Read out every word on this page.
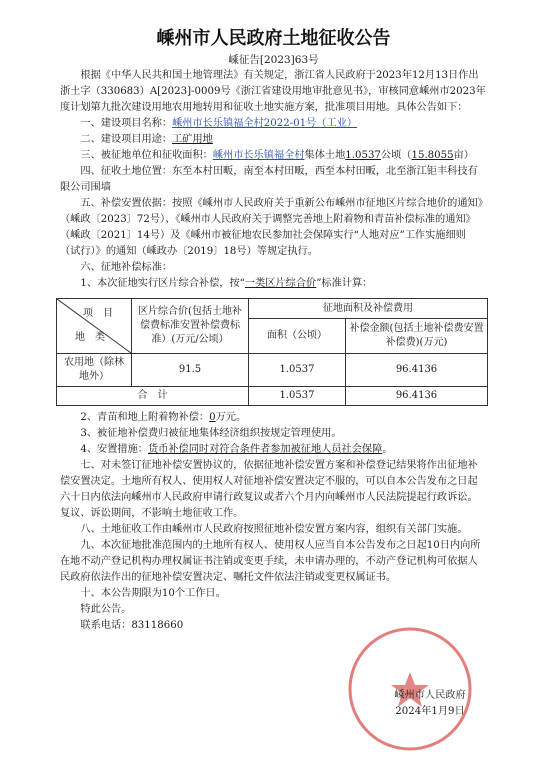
嵊州市人民政府土地征收公告
嵊征告[2023]63号

根据《中华人民共和国土地管理法》有关规定，浙江省人民政府于2023年12月13日作出浙土字（330683）A[2023]-0009号《浙江省建设用地审批意见书》，审核同意嵊州市2023年度计划第九批次建设用地农用地转用和征收土地实施方案，批准项目用地。具体公告如下：

一、建设项目名称：嵊州市长乐镇福全村2022-01号（工业）

二、建设项目用途：工矿用地

三、被征地单位和征收面积：嵊州市长乐镇福全村集体土地1.0537公顷（15.8055亩）

四、征收土地位置：东至本村田畈，南至本村田畈，西至本村田畈，北至浙江钜丰科技有限公司围墙

五、补偿安置依据：按照《嵊州市人民政府关于重新公布嵊州市征地区片综合地价的通知》（嵊政〔2023〕72号）、《嵊州市人民政府关于调整完善地上附着物和青苗补偿标准的通知》（嵊政〔2021〕14号）及《嵊州市被征地农民参加社会保障实行“人地对应”工作实施细则（试行）》的通知（嵊政办〔2019〕18号）等规定执行。

六、征地补偿标准：

1、本次征地实行区片综合补偿，按“一类区片综合价”标准计算：

项　目
地　类	区片综合价(包括土地补偿费标准安置补偿费标准）(万元/公顷）	征地面积及补偿费用	
		面积（公顷）	补偿金额(包括土地补偿费安置补偿费)(万元)
农用地（除林地外）	91.5	1.0537	96.4136
合　计		1.0537	96.4136

2、青苗和地上附着物补偿：0万元。

3、被征地补偿费归被征地集体经济组织按规定管理使用。

4、安置措施：货币补偿同时对符合条件者参加被征地人员社会保障。

七、对未签订征地补偿安置协议的，依据征地补偿安置方案和补偿登记结果将作出征地补偿安置决定。土地所有权人、使用权人对征地补偿安置决定不服的，可以自本公告发布之日起六十日内依法向嵊州市人民政府申请行政复议或者六个月内向嵊州市人民法院提起行政诉讼。复议、诉讼期间，不影响土地征收工作。

八、土地征收工作由嵊州市人民政府按照征地补偿安置方案内容，组织有关部门实施。

九、本次征地批准范围内的土地所有权人、使用权人应当自本公告发布之日起10日内向所在地不动产登记机构办理权属证书注销或变更手续，未申请办理的，不动产登记机构可依据人民政府依法作出的征地补偿安置决定、嘱托文件依法注销或变更权属证书。

十、本公告期限为10个工作日。

特此公告。

联系电话：83118660

嵊州市人民政府
2024年1月9日
